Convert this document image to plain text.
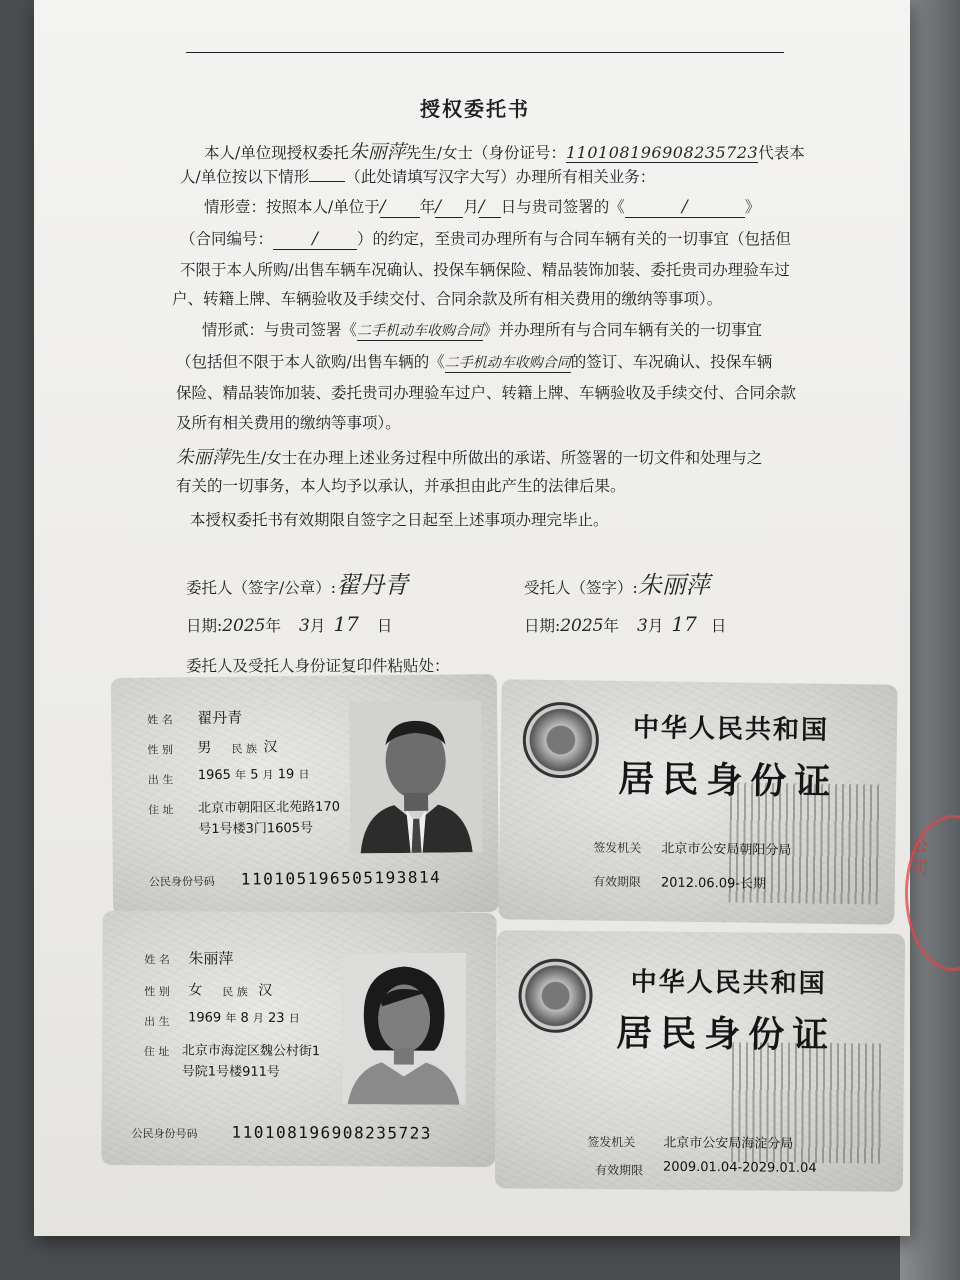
授权委托书
本人/单位现授权委托朱丽萍先生/女士（身份证号：110108196908235723代表本
人/单位按以下情形 （此处请填写汉字大写）办理所有相关业务：
情形壹：按照本人/单位于/ 年/ 月/ 日与贵司签署的《	/	》
（合同编号： /	）的约定，至贵司办理所有与合同车辆有关的一切事宜（包括但
不限于本人所购/出售车辆车况确认、投保车辆保险、精品装饰加装、委托贵司办理验车过
户、转籍上牌、车辆验收及手续交付、合同余款及所有相关费用的缴纳等事项）。
情形贰：与贵司签署《二手机动车收购合同》并办理所有与合同车辆有关的一切事宜
（包括但不限于本人欲购/出售车辆的《二手机动车收购合同的签订、车况确认、投保车辆
保险、精品装饰加装、委托贵司办理验车过户、转籍上牌、车辆验收及手续交付、合同余款
及所有相关费用的缴纳等事项）。
朱丽萍先生/女士在办理上述业务过程中所做出的承诺、所签署的一切文件和处理与之
有关的一切事务，本人均予以承认，并承担由此产生的法律后果。
本授权委托书有效期限自签字之日起至上述事项办理完毕止。
委托人（签字/公章）:翟丹青	受托人（签字）:朱丽萍
日期:2025年 3月 17 日	日期:2025年 3月 17 日
委托人及受托人身份证复印件粘贴处：
姓 名 翟丹青
性 别 男 民 族 汉
出 生 1965 年 5 月 19 日
住 址 北京市朝阳区北苑路170
号1号楼3门1605号
公民身份号码 110105196505193814
中华人民共和国
居民身份证
签发机关 北京市公安局朝阳分局
有效期限 2012.06.09-长期
姓 名 朱丽萍
性 别 女 民 族 汉
出 生 1969 年 8 月 23 日
住 址 北京市海淀区魏公村街1
号院1号楼911号
公民身份号码 110108196908235723
中华人民共和国
居民身份证
签发机关 北京市公安局海淀分局
有效期限 2009.01.04-2029.01.04
公司
